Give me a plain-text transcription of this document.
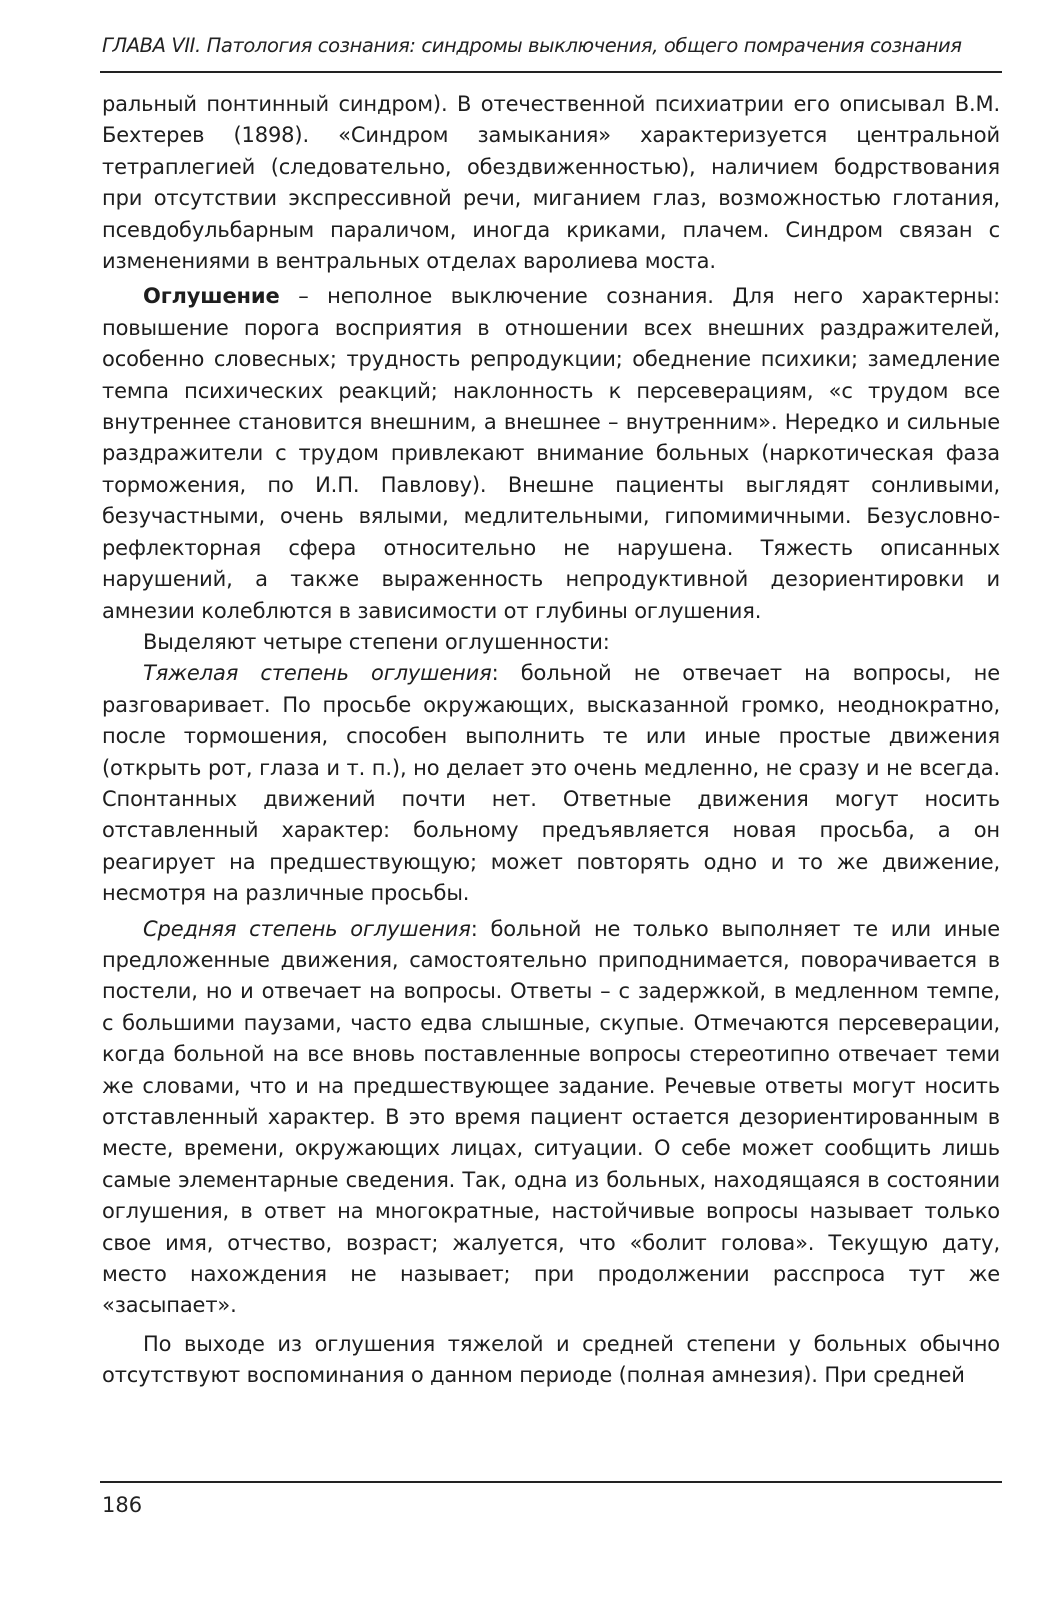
ГЛАВА VII. Патология сознания: синдромы выключения, общего помрачения сознания

ральный понтинный синдром). В отечественной психиатрии его описывал В.М. Бехтерев (1898). «Синдром замыкания» характеризуется центральной тетраплегией (следовательно, обездвиженностью), наличием бодрствования при отсутствии экспрессивной речи, миганием глаз, возможностью глотания, псевдобульбарным параличом, иногда криками, плачем. Синдром связан с изменениями в вентральных отделах варолиева моста.

Оглушение – неполное выключение сознания. Для него характерны: повышение порога восприятия в отношении всех внешних раздражителей, особенно словесных; трудность репродукции; обеднение психики; замедление темпа психических реакций; наклонность к персеверациям, «с трудом все внутреннее становится внешним, а внешнее – внутренним». Нередко и сильные раздражители с трудом привлекают внимание больных (наркотическая фаза торможения, по И.П. Павлову). Внешне пациенты выглядят сонливыми, безучастными, очень вялыми, медлительными, гипомимичными. Безусловно-рефлекторная сфера относительно не нарушена. Тяжесть описанных нарушений, а также выраженность непродуктивной дезориентировки и амнезии колеблются в зависимости от глубины оглушения.

Выделяют четыре степени оглушенности:

Тяжелая степень оглушения: больной не отвечает на вопросы, не разговаривает. По просьбе окружающих, высказанной громко, неоднократно, после тормошения, способен выполнить те или иные простые движения (открыть рот, глаза и т. п.), но делает это очень медленно, не сразу и не всегда. Спонтанных движений почти нет. Ответные движения могут носить отставленный характер: больному предъявляется новая просьба, а он реагирует на предшествующую; может повторять одно и то же движение, несмотря на различные просьбы.

Средняя степень оглушения: больной не только выполняет те или иные предложенные движения, самостоятельно приподнимается, поворачивается в постели, но и отвечает на вопросы. Ответы – с задержкой, в медленном темпе, с большими паузами, часто едва слышные, скупые. Отмечаются персеверации, когда больной на все вновь поставленные вопросы стереотипно отвечает теми же словами, что и на предшествующее задание. Речевые ответы могут носить отставленный характер. В это время пациент остается дезориентированным в месте, времени, окружающих лицах, ситуации. О себе может сообщить лишь самые элементарные сведения. Так, одна из больных, находящаяся в состоянии оглушения, в ответ на многократные, настойчивые вопросы называет только свое имя, отчество, возраст; жалуется, что «болит голова». Текущую дату, место нахождения не называет; при продолжении расспроса тут же «засыпает».

По выходе из оглушения тяжелой и средней степени у больных обычно отсутствуют воспоминания о данном периоде (полная амнезия). При средней

186
